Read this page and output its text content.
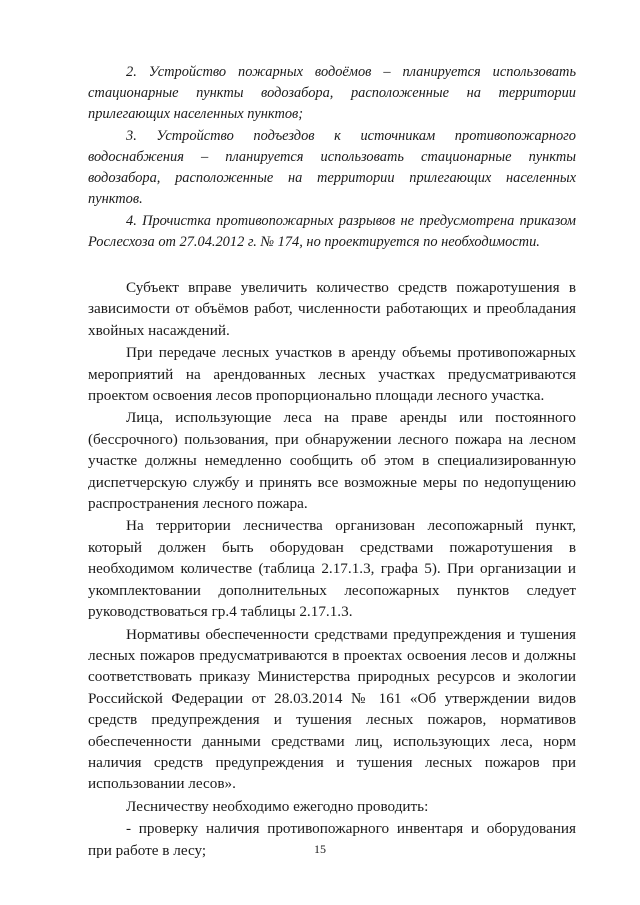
2. Устройство пожарных водоёмов – планируется использовать стационарные пункты водозабора, расположенные на территории прилегающих населенных пунктов;

3. Устройство подъездов к источникам противопожарного водоснабжения – планируется использовать стационарные пункты водозабора, расположенные на территории прилегающих населенных пунктов.

4. Прочистка противопожарных разрывов не предусмотрена приказом Рослесхоза от 27.04.2012 г. № 174, но проектируется по необходимости.

Субъект вправе увеличить количество средств пожаротушения в зависимости от объёмов работ, численности работающих и преобладания хвойных насаждений.

При передаче лесных участков в аренду объемы противопожарных мероприятий на арендованных лесных участках предусматриваются проектом освоения лесов пропорционально площади лесного участка.

Лица, использующие леса на праве аренды или постоянного (бессрочного) пользования, при обнаружении лесного пожара на лесном участке должны немедленно сообщить об этом в специализированную диспетчерскую службу и принять все возможные меры по недопущению распространения лесного пожара.

На территории лесничества организован лесопожарный пункт, который должен быть оборудован средствами пожаротушения в необходимом количестве (таблица 2.17.1.3, графа 5). При организации и укомплектовании дополнительных лесопожарных пунктов следует руководствоваться гр.4 таблицы 2.17.1.3.

Нормативы обеспеченности средствами предупреждения и тушения лесных пожаров предусматриваются в проектах освоения лесов и должны соответствовать приказу Министерства природных ресурсов и экологии Российской Федерации от 28.03.2014 № 161 «Об утверждении видов средств предупреждения и тушения лесных пожаров, нормативов обеспеченности данными средствами лиц, использующих леса, норм наличия средств предупреждения и тушения лесных пожаров при использовании лесов».

Лесничеству необходимо ежегодно проводить:

- проверку наличия противопожарного инвентаря и оборудования при работе в лесу;	15
